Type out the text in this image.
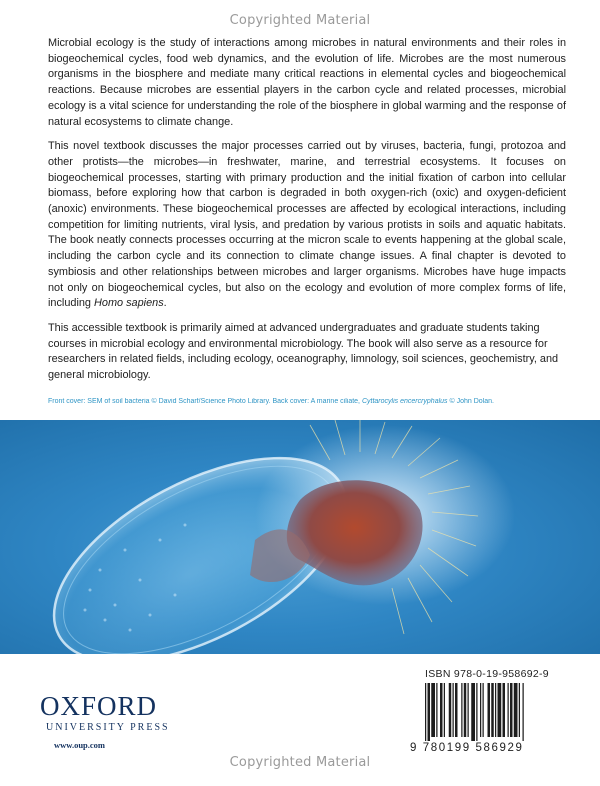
Copyrighted Material

Microbial ecology is the study of interactions among microbes in natural environments and their roles in biogeochemical cycles, food web dynamics, and the evolution of life. Microbes are the most numerous organisms in the biosphere and mediate many critical reactions in elemental cycles and biogeochemical reactions. Because microbes are essential players in the carbon cycle and related processes, microbial ecology is a vital science for understanding the role of the biosphere in global warming and the response of natural ecosystems to climate change.

This novel textbook discusses the major processes carried out by viruses, bacteria, fungi, protozoa and other protists—the microbes—in freshwater, marine, and terrestrial ecosystems. It focuses on biogeochemical processes, starting with primary production and the initial fixation of carbon into cellular biomass, before exploring how that carbon is degraded in both oxygen-rich (oxic) and oxygen-deficient (anoxic) environments. These biogeochemical processes are affected by ecological interactions, including competition for limiting nutrients, viral lysis, and predation by various protists in soils and aquatic habitats. The book neatly connects processes occurring at the micron scale to events happening at the global scale, including the carbon cycle and its connection to climate change issues. A final chapter is devoted to symbiosis and other relationships between microbes and larger organisms. Microbes have huge impacts not only on biogeochemical cycles, but also on the ecology and evolution of more complex forms of life, including Homo sapiens.

This accessible textbook is primarily aimed at advanced undergraduates and graduate students taking courses in microbial ecology and environmental microbiology. The book will also serve as a resource for researchers in related fields, including ecology, oceanography, limnology, soil sciences, geochemistry, and general microbiology.

Front cover: SEM of soil bacteria © David Scharf/Science Photo Library. Back cover: A marine ciliate, Cyttarocylis encercryphalus © John Dolan.
OXFORD
UNIVERSITY PRESS
www.oup.com
ISBN 978-0-19-958692-9
9 780199 586929
Copyrighted Material
